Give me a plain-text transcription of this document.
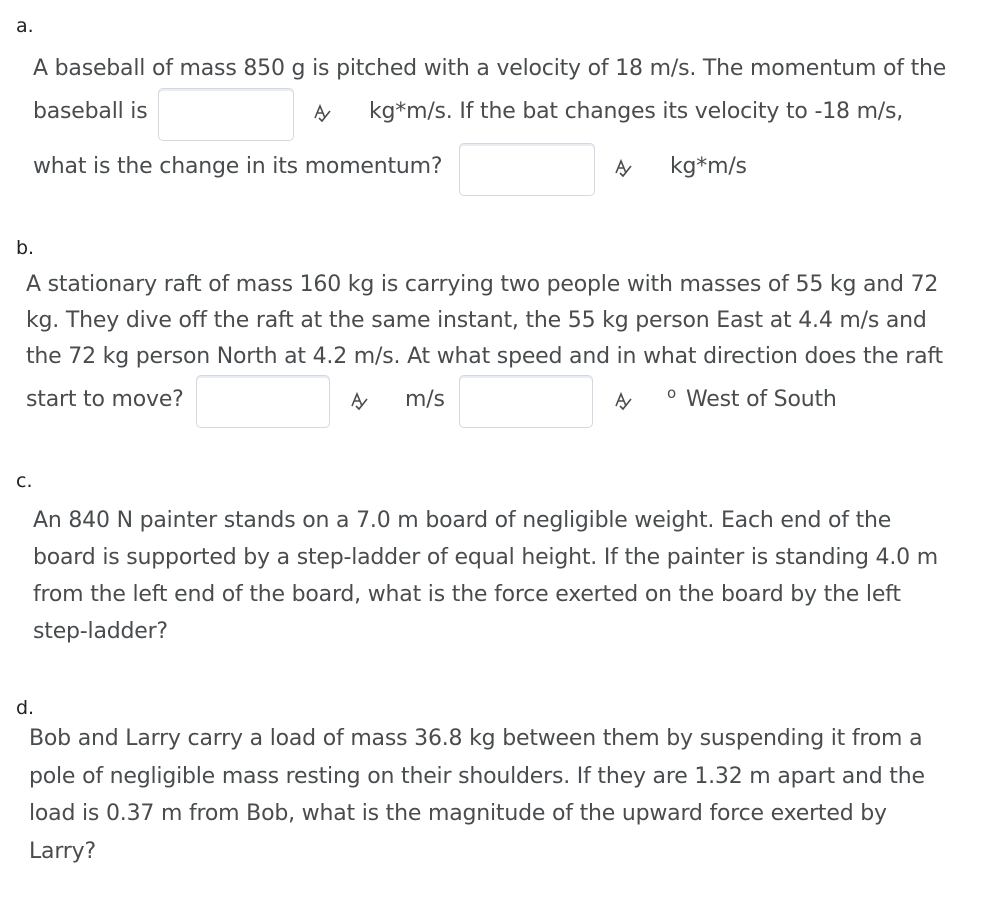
a.
A baseball of mass 850 g is pitched with a velocity of 18 m/s. The momentum of the
baseball is	kg*m/s. If the bat changes its velocity to -18 m/s,
what is the change in its momentum?	kg*m/s
b.
A stationary raft of mass 160 kg is carrying two people with masses of 55 kg and 72
kg. They dive off the raft at the same instant, the 55 kg person East at 4.4 m/s and
the 72 kg person North at 4.2 m/s. At what speed and in what direction does the raft
start to move?	m/s	o West of South
c.
An 840 N painter stands on a 7.0 m board of negligible weight. Each end of the
board is supported by a step-ladder of equal height. If the painter is standing 4.0 m
from the left end of the board, what is the force exerted on the board by the left
step-ladder?
d.
Bob and Larry carry a load of mass 36.8 kg between them by suspending it from a
pole of negligible mass resting on their shoulders. If they are 1.32 m apart and the
load is 0.37 m from Bob, what is the magnitude of the upward force exerted by
Larry?
